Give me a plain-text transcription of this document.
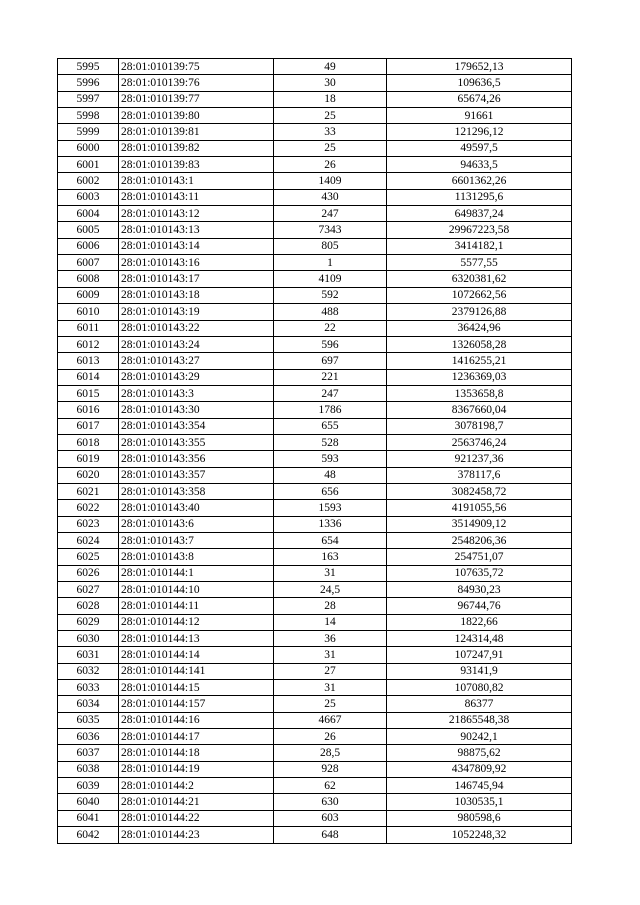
5995	28:01:010139:75	49	179652,13
5996	28:01:010139:76	30	109636,5
5997	28:01:010139:77	18	65674,26
5998	28:01:010139:80	25	91661
5999	28:01:010139:81	33	121296,12
6000	28:01:010139:82	25	49597,5
6001	28:01:010139:83	26	94633,5
6002	28:01:010143:1	1409	6601362,26
6003	28:01:010143:11	430	1131295,6
6004	28:01:010143:12	247	649837,24
6005	28:01:010143:13	7343	29967223,58
6006	28:01:010143:14	805	3414182,1
6007	28:01:010143:16	1	5577,55
6008	28:01:010143:17	4109	6320381,62
6009	28:01:010143:18	592	1072662,56
6010	28:01:010143:19	488	2379126,88
6011	28:01:010143:22	22	36424,96
6012	28:01:010143:24	596	1326058,28
6013	28:01:010143:27	697	1416255,21
6014	28:01:010143:29	221	1236369,03
6015	28:01:010143:3	247	1353658,8
6016	28:01:010143:30	1786	8367660,04
6017	28:01:010143:354	655	3078198,7
6018	28:01:010143:355	528	2563746,24
6019	28:01:010143:356	593	921237,36
6020	28:01:010143:357	48	378117,6
6021	28:01:010143:358	656	3082458,72
6022	28:01:010143:40	1593	4191055,56
6023	28:01:010143:6	1336	3514909,12
6024	28:01:010143:7	654	2548206,36
6025	28:01:010143:8	163	254751,07
6026	28:01:010144:1	31	107635,72
6027	28:01:010144:10	24,5	84930,23
6028	28:01:010144:11	28	96744,76
6029	28:01:010144:12	14	1822,66
6030	28:01:010144:13	36	124314,48
6031	28:01:010144:14	31	107247,91
6032	28:01:010144:141	27	93141,9
6033	28:01:010144:15	31	107080,82
6034	28:01:010144:157	25	86377
6035	28:01:010144:16	4667	21865548,38
6036	28:01:010144:17	26	90242,1
6037	28:01:010144:18	28,5	98875,62
6038	28:01:010144:19	928	4347809,92
6039	28:01:010144:2	62	146745,94
6040	28:01:010144:21	630	1030535,1
6041	28:01:010144:22	603	980598,6
6042	28:01:010144:23	648	1052248,32
